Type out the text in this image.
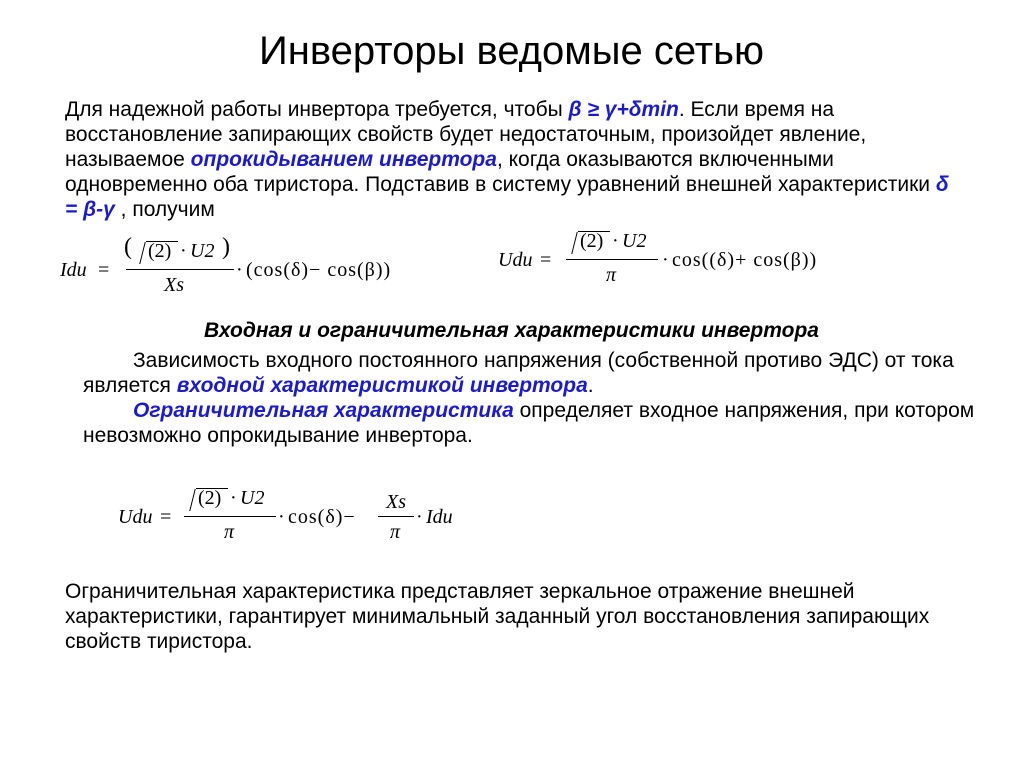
Инверторы ведомые сетью

Для надежной работы инвертора требуется, чтобы β ≥ γ+δmin. Если время на восстановление запирающих свойств будет недостаточным, произойдет явление, называемое опрокидыванием инвертора, когда оказываются включенными одновременно оба тиристора. Подставив в систему уравнений внешней характеристики δ = β-γ , получим

Idu =
( (2) · U2 )
Xs
· (cos(δ)− cos(β))	Udu =
(2) · U2
π
· cos((δ)+ cos(β))
Входная и ограничительная характеристики инвертора

Зависимость входного постоянного напряжения (собственной противо ЭДС) от тока является входной характеристикой инвертора.
Ограничительная характеристика определяет входное напряжения, при котором невозможно опрокидывание инвертора.

Udu =
(2) · U2
π
· cos(δ)−
Xs
π
· Idu

Ограничительная характеристика представляет зеркальное отражение внешней характеристики, гарантирует минимальный заданный угол восстановления запирающих свойств тиристора.
